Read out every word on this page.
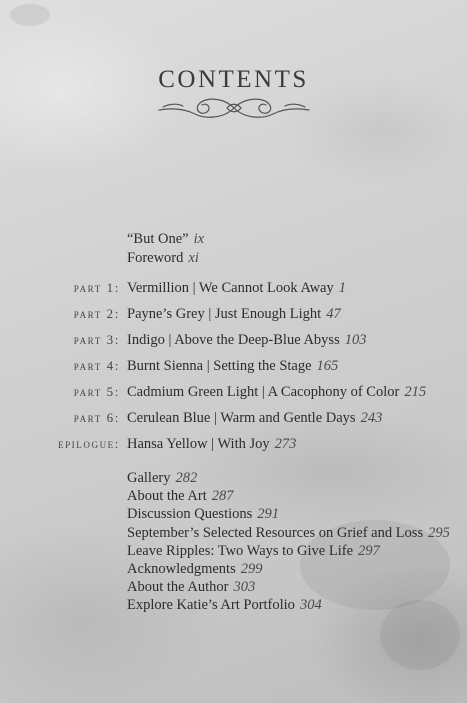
CONTENTS
“But One” ix
Foreword xi
Vermillion | We Cannot Look Away 1
part 1:
Payne’s Grey | Just Enough Light 47
part 2:
Indigo | Above the Deep-Blue Abyss 103
part 3:
Burnt Sienna | Setting the Stage 165
part 4:
Cadmium Green Light | A Cacophony of Color 215
part 5:
Cerulean Blue | Warm and Gentle Days 243
part 6:
Hansa Yellow | With Joy 273
epilogue:
Gallery 282
About the Art 287
Discussion Questions 291
September’s Selected Resources on Grief and Loss 295
Leave Ripples: Two Ways to Give Life 297
Acknowledgments 299
About the Author 303
Explore Katie’s Art Portfolio 304
